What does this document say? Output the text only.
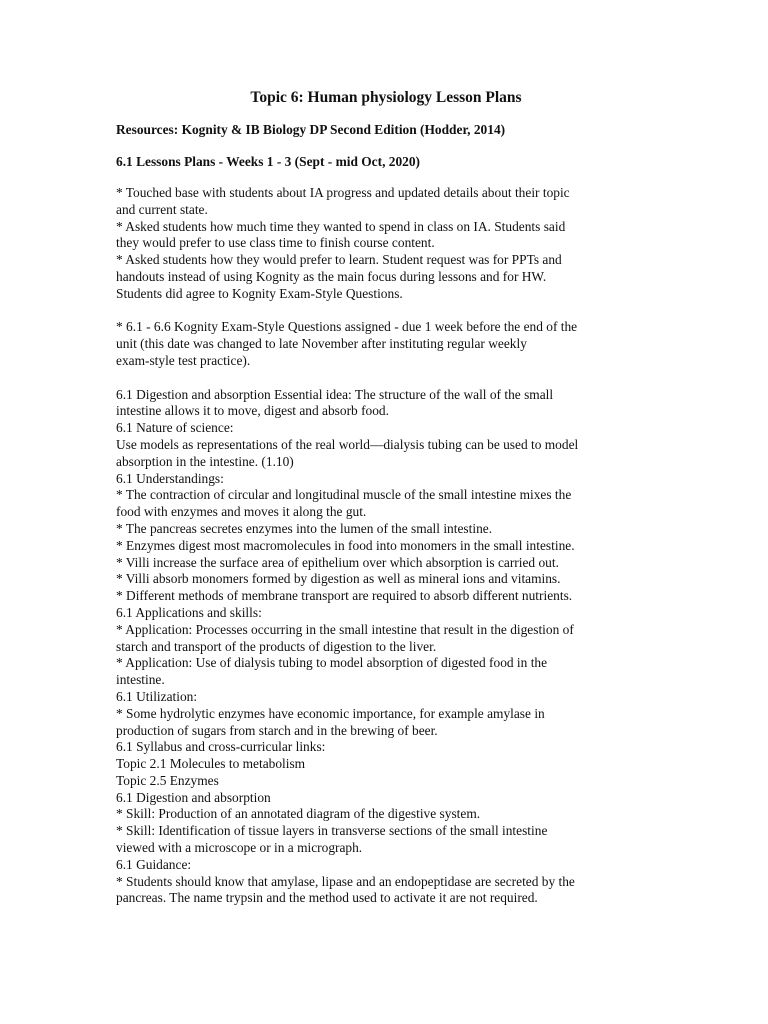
Topic 6: Human physiology Lesson Plans
Resources: Kognity & IB Biology DP Second Edition (Hodder, 2014)
6.1 Lessons Plans - Weeks 1 - 3 (Sept - mid Oct, 2020)
* Touched base with students about IA progress and updated details about their topic
and current state.
* Asked students how much time they wanted to spend in class on IA. Students said
they would prefer to use class time to finish course content.
* Asked students how they would prefer to learn. Student request was for PPTs and
handouts instead of using Kognity as the main focus during lessons and for HW.
Students did agree to Kognity Exam-Style Questions.
* 6.1 - 6.6 Kognity Exam-Style Questions assigned - due 1 week before the end of the
unit (this date was changed to late November after instituting regular weekly
exam-style test practice).
6.1 Digestion and absorption Essential idea: The structure of the wall of the small
intestine allows it to move, digest and absorb food.
6.1 Nature of science:
Use models as representations of the real world—dialysis tubing can be used to model
absorption in the intestine. (1.10)
6.1 Understandings:
* The contraction of circular and longitudinal muscle of the small intestine mixes the
food with enzymes and moves it along the gut.
* The pancreas secretes enzymes into the lumen of the small intestine.
* Enzymes digest most macromolecules in food into monomers in the small intestine.
* Villi increase the surface area of epithelium over which absorption is carried out.
* Villi absorb monomers formed by digestion as well as mineral ions and vitamins.
* Different methods of membrane transport are required to absorb different nutrients.
6.1 Applications and skills:
* Application: Processes occurring in the small intestine that result in the digestion of
starch and transport of the products of digestion to the liver.
* Application: Use of dialysis tubing to model absorption of digested food in the
intestine.
6.1 Utilization:
* Some hydrolytic enzymes have economic importance, for example amylase in
production of sugars from starch and in the brewing of beer.
6.1 Syllabus and cross-curricular links:
Topic 2.1 Molecules to metabolism
Topic 2.5 Enzymes
6.1 Digestion and absorption
* Skill: Production of an annotated diagram of the digestive system.
* Skill: Identification of tissue layers in transverse sections of the small intestine
viewed with a microscope or in a micrograph.
6.1 Guidance:
* Students should know that amylase, lipase and an endopeptidase are secreted by the
pancreas. The name trypsin and the method used to activate it are not required.
